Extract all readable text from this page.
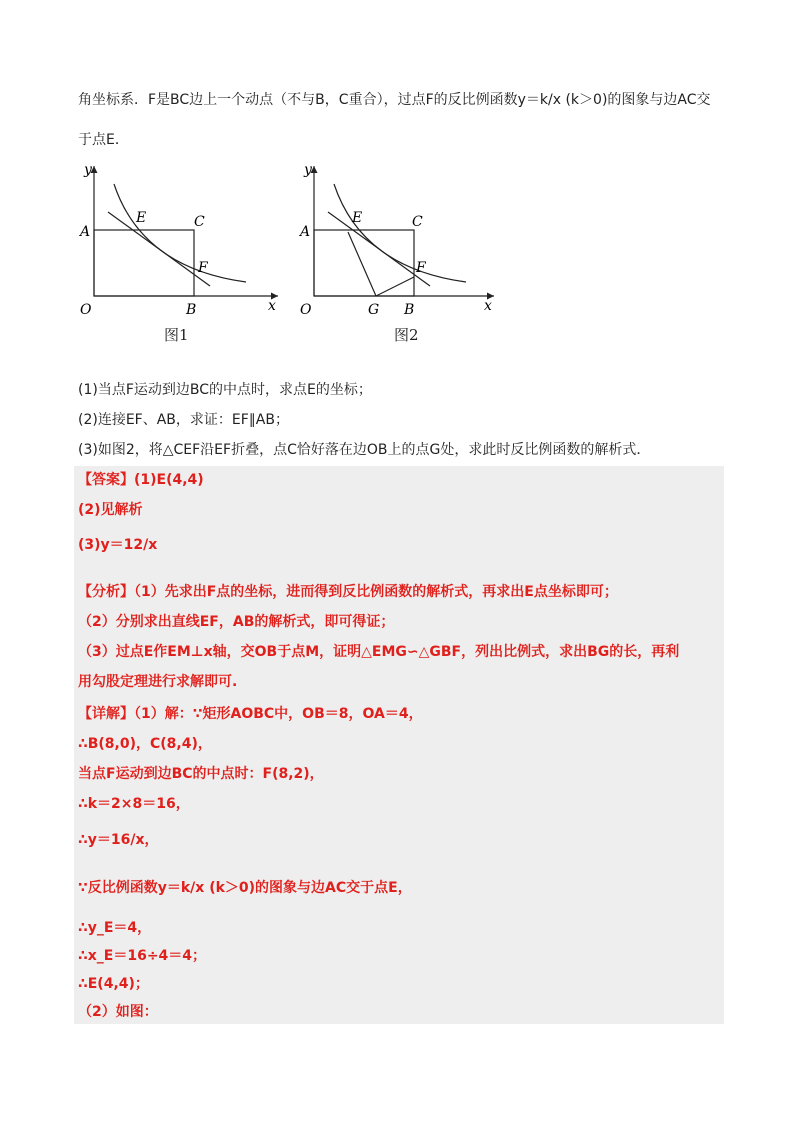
角坐标系．F是BC边上一个动点（不与B，C重合），过点F的反比例函数y＝k/x (k＞0)的图象与边AC交
于点E．
y
x
O
A
B
C
E
F
图1
y
x
O
A
G B
C
E
F
图2
(1)当点F运动到边BC的中点时，求点E的坐标；
(2)连接EF、AB，求证：EF∥AB；
(3)如图2，将△CEF沿EF折叠，点C恰好落在边OB上的点G处，求此时反比例函数的解析式．
【答案】(1)E(4,4)
(2)见解析
(3)y＝12/x
【分析】（1）先求出F点的坐标，进而得到反比例函数的解析式，再求出E点坐标即可；
（2）分别求出直线EF，AB的解析式，即可得证；
（3）过点E作EM⊥x轴，交OB于点M，证明△EMG∽△GBF，列出比例式，求出BG的长，再利
用勾股定理进行求解即可.
【详解】（1）解：∵矩形AOBC中，OB＝8，OA＝4，
∴B(8,0)，C(8,4)，
当点F运动到边BC的中点时：F(8,2)，
∴k＝2×8＝16，
∴y＝16/x，
∵反比例函数y＝k/x (k＞0)的图象与边AC交于点E，
∴y_E＝4，
∴x_E＝16÷4＝4；
∴E(4,4)；
（2）如图：
